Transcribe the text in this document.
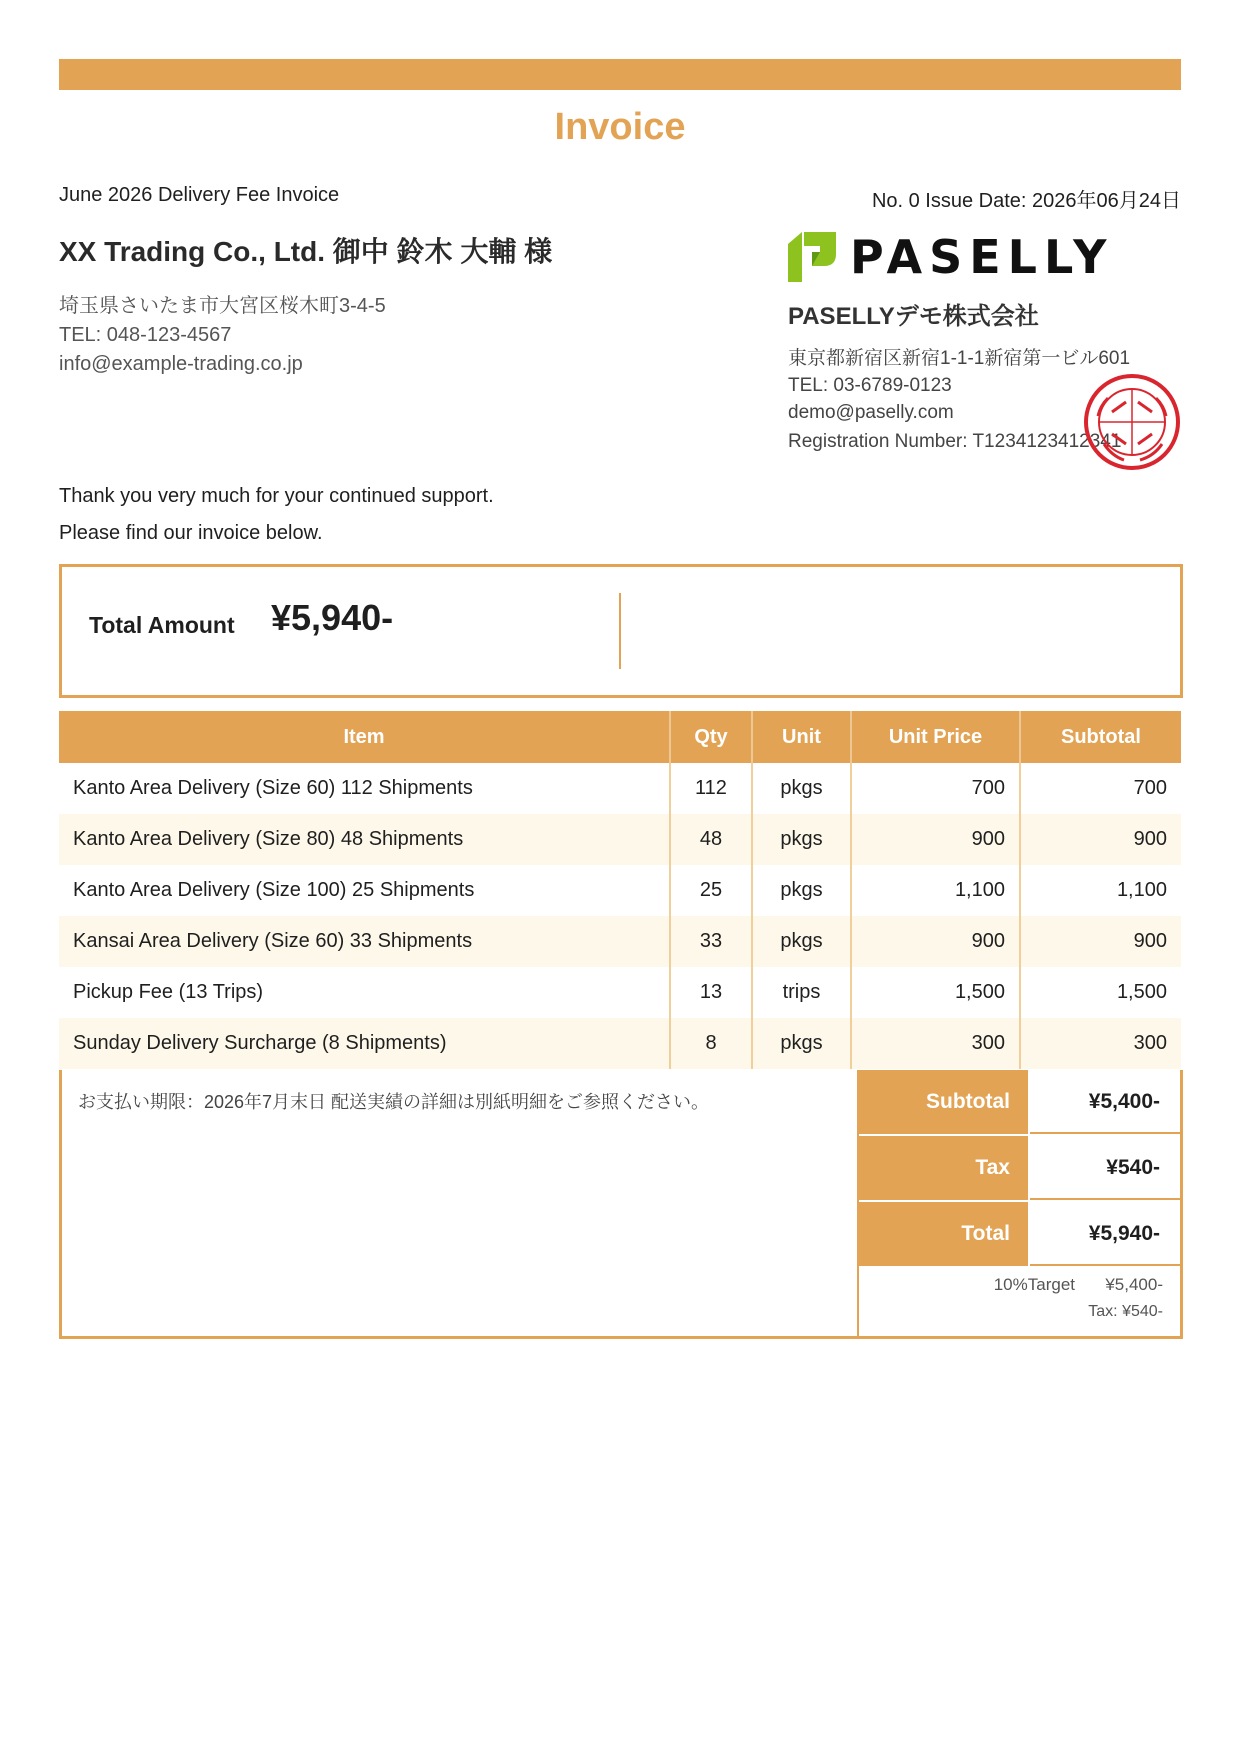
Invoice
June 2026 Delivery Fee Invoice	No. 0 Issue Date: 2026年06月24日
XX Trading Co., Ltd. 御中 鈴木 大輔 様
埼玉県さいたま市大宮区桜木町3-4-5
TEL: 048-123-4567
info@example-trading.co.jp
PASELLY
PASELLYデモ株式会社
東京都新宿区新宿1-1-1新宿第一ビル601
TEL: 03-6789-0123
demo@paselly.com
Registration Number: T1234123412341
Thank you very much for your continued support.
Please find our invoice below.
Total Amount ¥5,940-
Item	Qty	Unit	Unit Price	Subtotal
Kanto Area Delivery (Size 60) 112 Shipments	112	pkgs	700	700
Kanto Area Delivery (Size 80) 48 Shipments	48	pkgs	900	900
Kanto Area Delivery (Size 100) 25 Shipments	25	pkgs	1,100	1,100
Kansai Area Delivery (Size 60) 33 Shipments	33	pkgs	900	900
Pickup Fee (13 Trips)	13	trips	1,500	1,500
Sunday Delivery Surcharge (8 Shipments)	8	pkgs	300	300
お支払い期限：2026年7月末日 配送実績の詳細は別紙明細をご参照ください。	Subtotal	¥5,400-
Tax	¥540-
Total	¥5,940-
10%Target	¥5,400-
Tax: ¥540-
